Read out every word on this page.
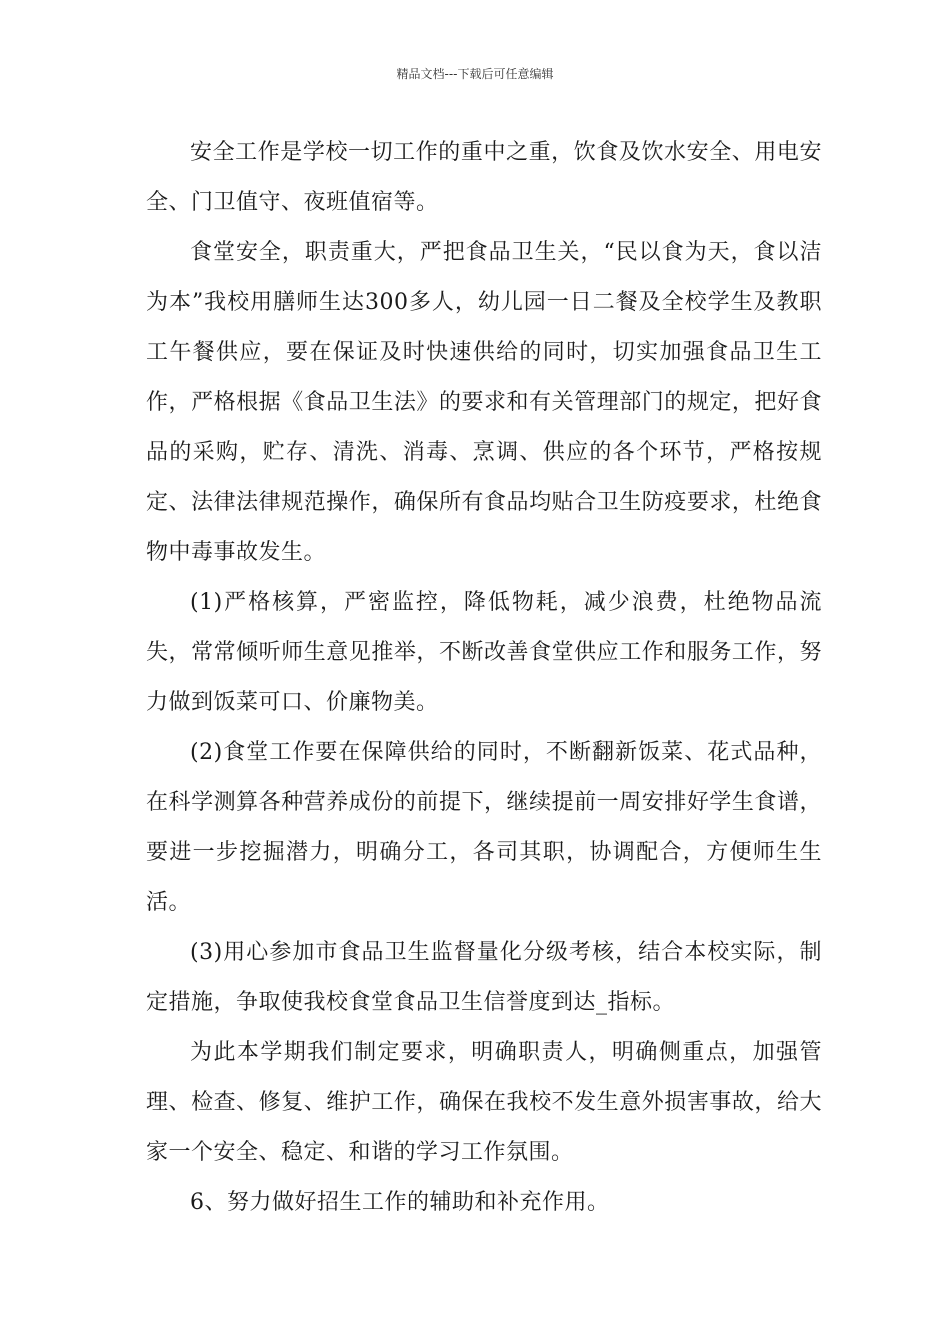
精品文档---下载后可任意编辑

安全工作是学校一切工作的重中之重，饮食及饮水安全、用电安全、门卫值守、夜班值宿等。

食堂安全，职责重大，严把食品卫生关，“民以食为天，食以洁为本”我校用膳师生达300多人，幼儿园一日二餐及全校学生及教职工午餐供应，要在保证及时快速供给的同时，切实加强食品卫生工作，严格根据《食品卫生法》的要求和有关管理部门的规定，把好食品的采购，贮存、清洗、消毒、烹调、供应的各个环节，严格按规定、法律法律规范操作，确保所有食品均贴合卫生防疫要求，杜绝食物中毒事故发生。

(1)严格核算，严密监控，降低物耗，减少浪费，杜绝物品流失，常常倾听师生意见推举，不断改善食堂供应工作和服务工作，努力做到饭菜可口、价廉物美。

(2)食堂工作要在保障供给的同时，不断翻新饭菜、花式品种，在科学测算各种营养成份的前提下，继续提前一周安排好学生食谱，要进一步挖掘潜力，明确分工，各司其职，协调配合，方便师生生活。

(3)用心参加市食品卫生监督量化分级考核，结合本校实际，制定措施，争取使我校食堂食品卫生信誉度到达_指标。

为此本学期我们制定要求，明确职责人，明确侧重点，加强管理、检查、修复、维护工作，确保在我校不发生意外损害事故，给大家一个安全、稳定、和谐的学习工作氛围。

6、努力做好招生工作的辅助和补充作用。
